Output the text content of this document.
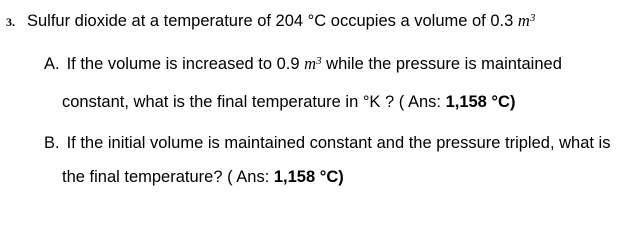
3. Sulfur dioxide at a temperature of 204 °C occupies a volume of 0.3 $m^3$
A. If the volume is increased to 0.9 $m^3$ while the pressure is maintained
constant, what is the final temperature in °K ? ( Ans: 1,158 °C)
B. If the initial volume is maintained constant and the pressure tripled, what is
the final temperature? ( Ans: 1,158 °C)
